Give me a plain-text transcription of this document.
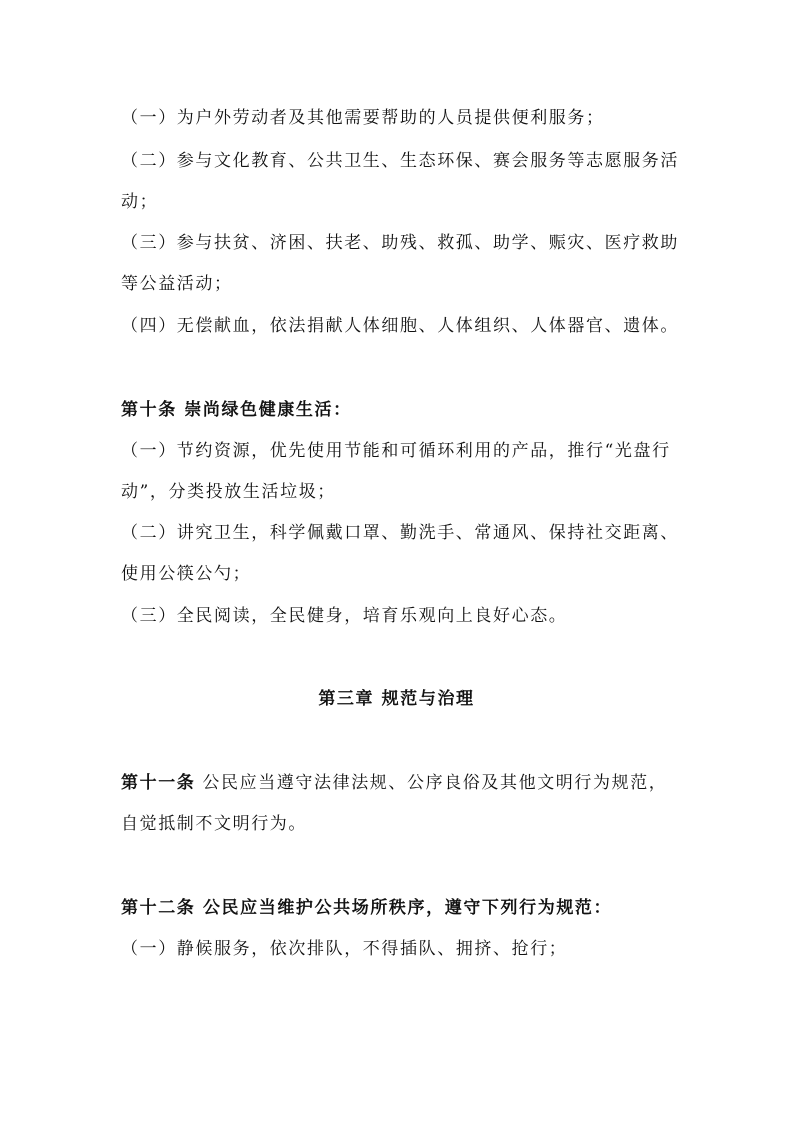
（一）为户外劳动者及其他需要帮助的人员提供便利服务；
（二）参与文化教育、公共卫生、生态环保、赛会服务等志愿服务活
动；
（三）参与扶贫、济困、扶老、助残、救孤、助学、赈灾、医疗救助
等公益活动；
（四）无偿献血，依法捐献人体细胞、人体组织、人体器官、遗体。
第十条 崇尚绿色健康生活：
（一）节约资源，优先使用节能和可循环利用的产品，推行“光盘行
动”，分类投放生活垃圾；
（二）讲究卫生，科学佩戴口罩、勤洗手、常通风、保持社交距离、
使用公筷公勺；
（三）全民阅读，全民健身，培育乐观向上良好心态。
第三章 规范与治理
第十一条 公民应当遵守法律法规、公序良俗及其他文明行为规范，
自觉抵制不文明行为。
第十二条 公民应当维护公共场所秩序，遵守下列行为规范：
（一）静候服务，依次排队，不得插队、拥挤、抢行；
